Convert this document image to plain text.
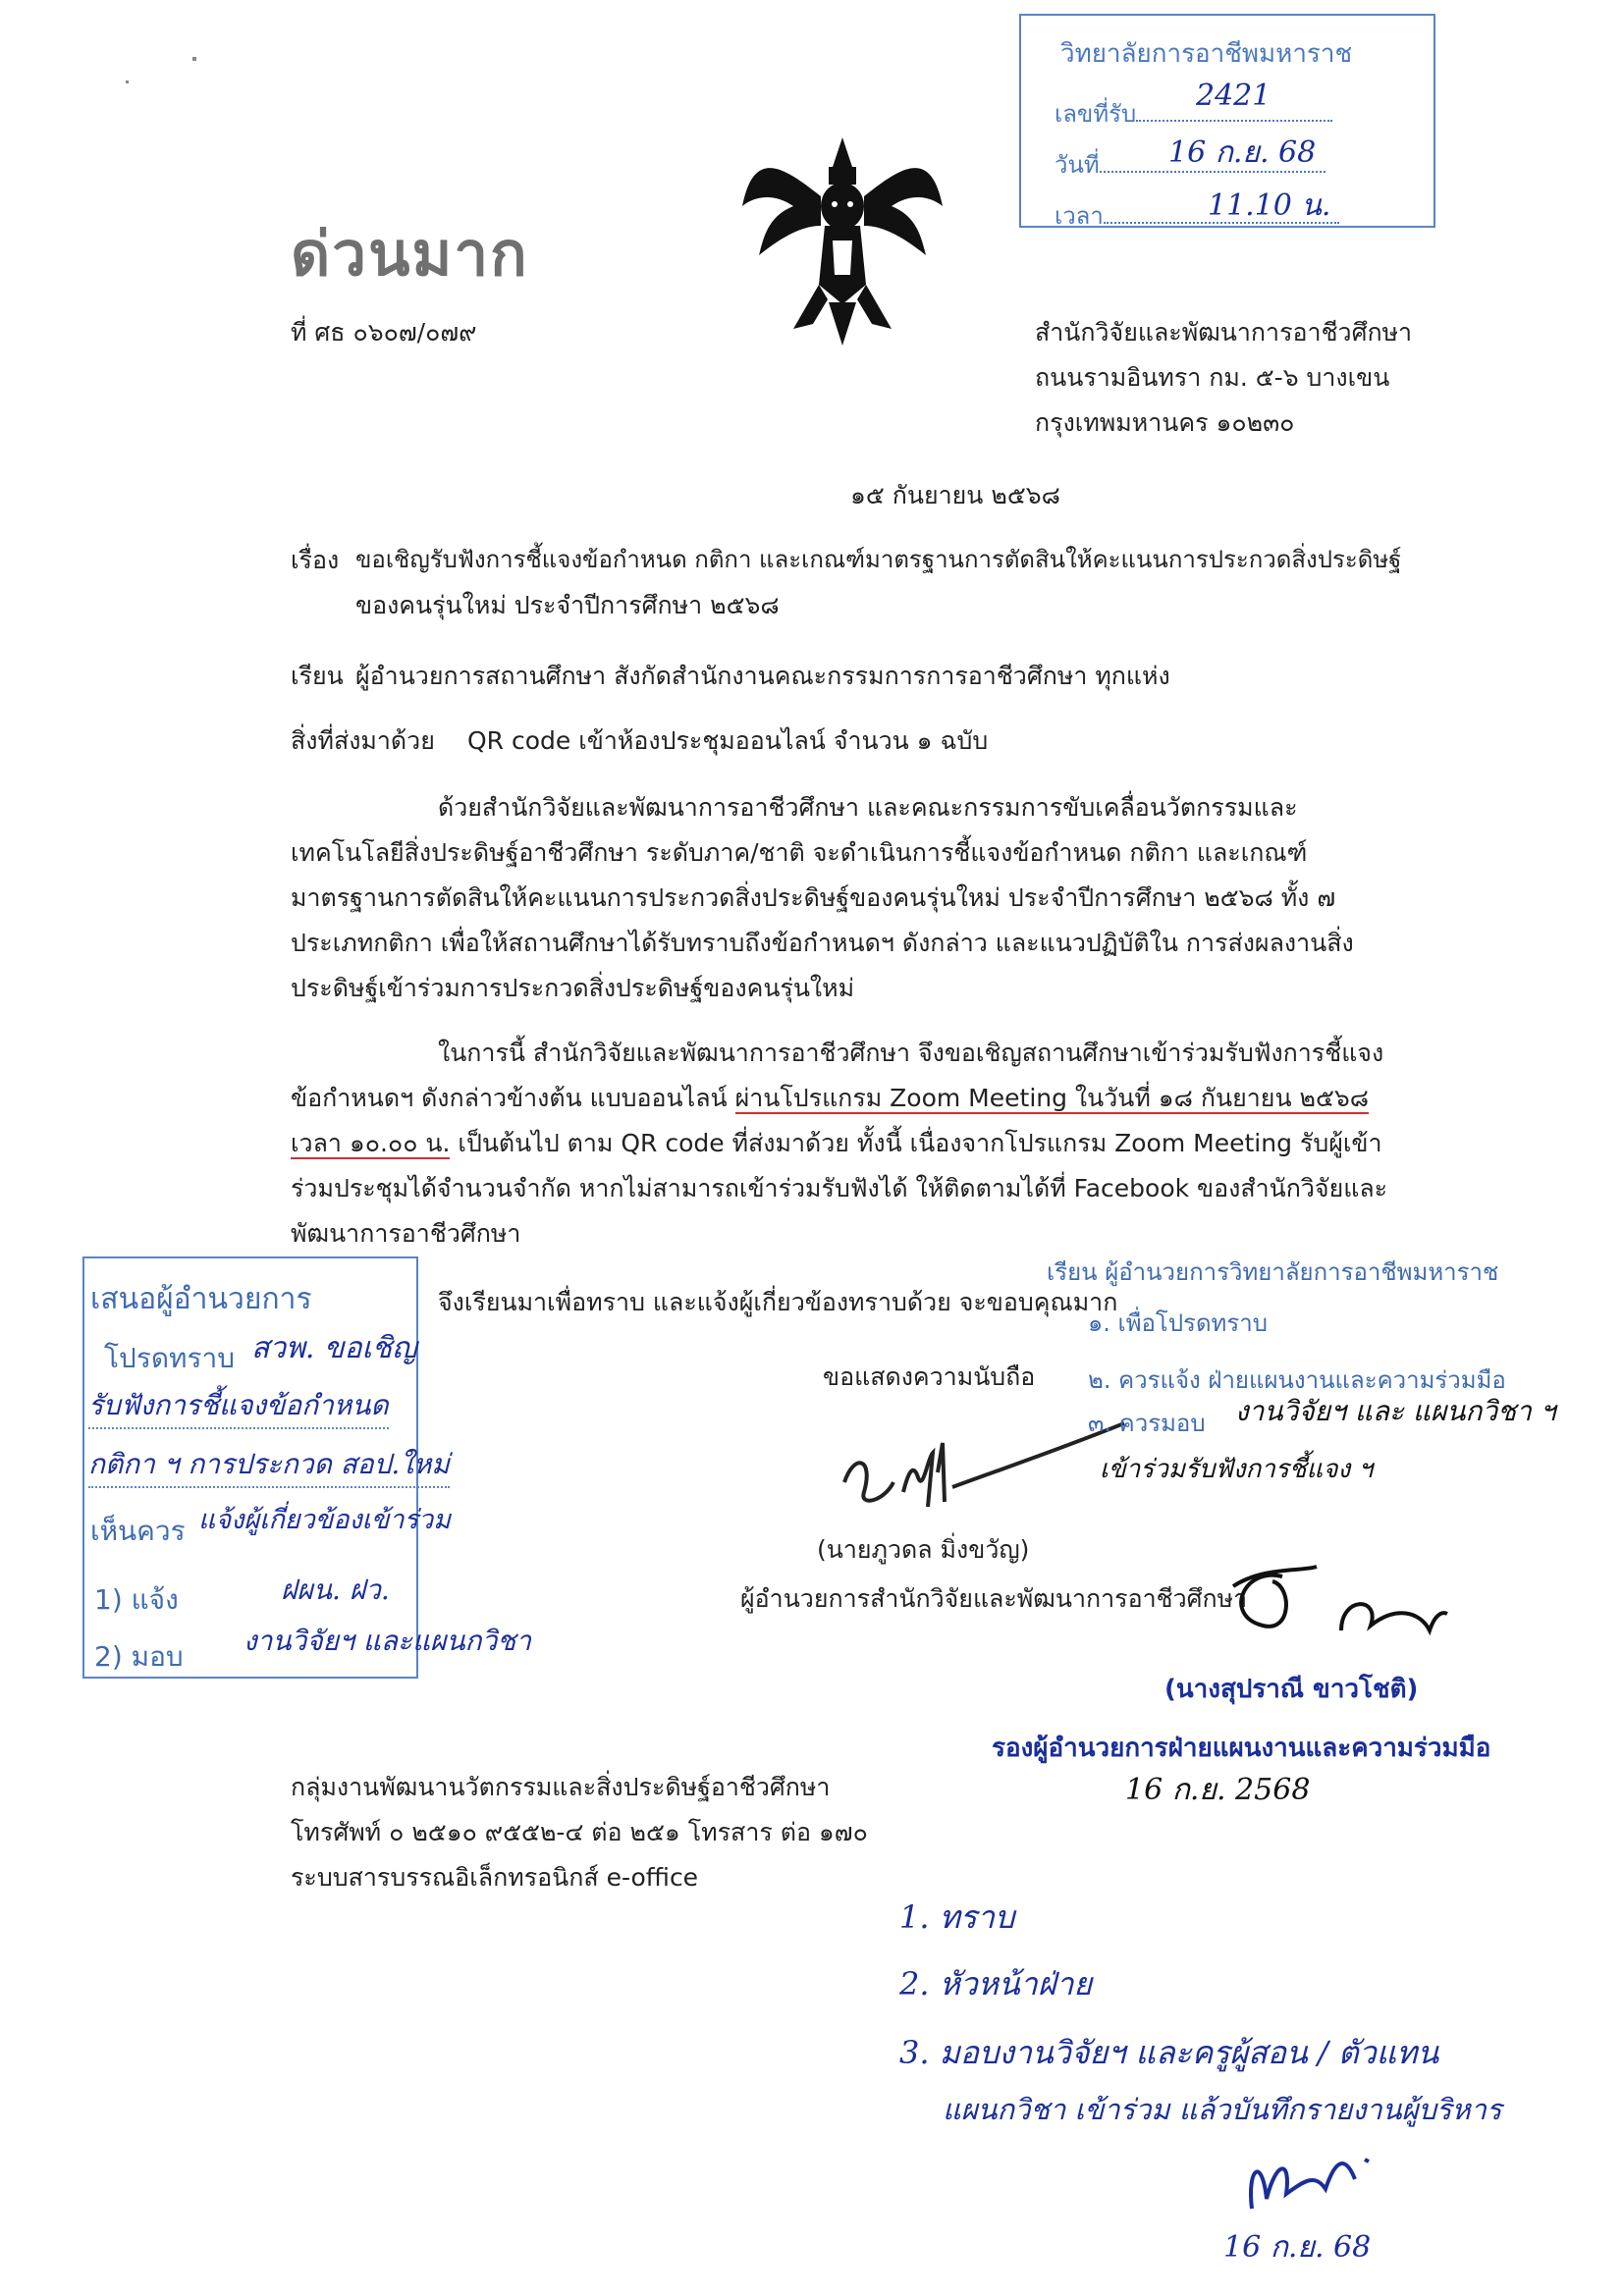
ด่วนมาก
วิทยาลัยการอาชีพมหาราช
เลขที่รับ
วันที่
เวลา
2421
16 ก.ย. 68
11.10 น.
ที่ ศธ ๐๖๐๗/๐๗๙	สำนักวิจัยและพัฒนาการอาชีวศึกษา
ถนนรามอินทรา กม. ๕-๖ บางเขน
กรุงเทพมหานคร ๑๐๒๓๐
๑๕ กันยายน ๒๕๖๘
เรื่อง ขอเชิญรับฟังการชี้แจงข้อกำหนด กติกา และเกณฑ์มาตรฐานการตัดสินให้คะแนนการประกวดสิ่งประดิษฐ์
ของคนรุ่นใหม่ ประจำปีการศึกษา ๒๕๖๘
เรียน ผู้อำนวยการสถานศึกษา สังกัดสำนักงานคณะกรรมการการอาชีวศึกษา ทุกแห่ง
สิ่งที่ส่งมาด้วย QR code เข้าห้องประชุมออนไลน์ จำนวน ๑ ฉบับ
ด้วยสำนักวิจัยและพัฒนาการอาชีวศึกษา และคณะกรรมการขับเคลื่อนวัตกรรมและเทคโนโลยีสิ่งประดิษฐ์อาชีวศึกษา ระดับภาค/ชาติ จะดำเนินการชี้แจงข้อกำหนด กติกา และเกณฑ์มาตรฐานการตัดสินให้คะแนนการประกวดสิ่งประดิษฐ์ของคนรุ่นใหม่ ประจำปีการศึกษา ๒๕๖๘ ทั้ง ๗ ประเภทกติกา เพื่อให้สถานศึกษาได้รับทราบถึงข้อกำหนดฯ ดังกล่าว และแนวปฏิบัติใน การส่งผลงานสิ่งประดิษฐ์เข้าร่วมการประกวดสิ่งประดิษฐ์ของคนรุ่นใหม่
ในการนี้ สำนักวิจัยและพัฒนาการอาชีวศึกษา จึงขอเชิญสถานศึกษาเข้าร่วมรับฟังการชี้แจงข้อกำหนดฯ ดังกล่าวข้างต้น แบบออนไลน์ ผ่านโปรแกรม Zoom Meeting ในวันที่ ๑๘ กันยายน ๒๕๖๘ เวลา ๑๐.๐๐ น. เป็นต้นไป ตาม QR code ที่ส่งมาด้วย ทั้งนี้ เนื่องจากโปรแกรม Zoom Meeting รับผู้เข้าร่วมประชุมได้จำนวนจำกัด หากไม่สามารถเข้าร่วมรับฟังได้ ให้ติดตามได้ที่ Facebook ของสำนักวิจัยและพัฒนาการอาชีวศึกษา
จึงเรียนมาเพื่อทราบ และแจ้งผู้เกี่ยวข้องทราบด้วย จะขอบคุณมาก
ขอแสดงความนับถือ
(นายภูวดล มิ่งขวัญ)
ผู้อำนวยการสำนักวิจัยและพัฒนาการอาชีวศึกษา
กลุ่มงานพัฒนานวัตกรรมและสิ่งประดิษฐ์อาชีวศึกษา
โทรศัพท์ ๐ ๒๕๑๐ ๙๕๕๒-๔ ต่อ ๒๕๑ โทรสาร ต่อ ๑๗๐
ระบบสารบรรณอิเล็กทรอนิกส์ e-office
เสนอผู้อำนวยการ
โปรดทราบ สวพ. ขอเชิญ
รับฟังการชี้แจงข้อกำหนด
กติกา ฯ การประกวด สอป.ใหม่
เห็นควร แจ้งผู้เกี่ยวข้องเข้าร่วม
1) แจ้ง	ฝผน. ฝว.
2) มอบ งานวิจัยฯ และแผนกวิชา
เรียน ผู้อำนวยการวิทยาลัยการอาชีพมหาราช
๑. เพื่อโปรดทราบ
๒. ควรแจ้ง ฝ่ายแผนงานและความร่วมมือ
๓. ควรมอบ งานวิจัยฯ และ แผนกวิชา ฯ
เข้าร่วมรับฟังการชี้แจง ฯ
(นางสุปราณี ขาวโชติ)
รองผู้อำนวยการฝ่ายแผนงานและความร่วมมือ
16 ก.ย. 2568
1. ทราบ
2. หัวหน้าฝ่าย
3. มอบงานวิจัยฯ และครูผู้สอน / ตัวแทน
แผนกวิชา เข้าร่วม แล้วบันทึกรายงานผู้บริหาร
16 ก.ย. 68
